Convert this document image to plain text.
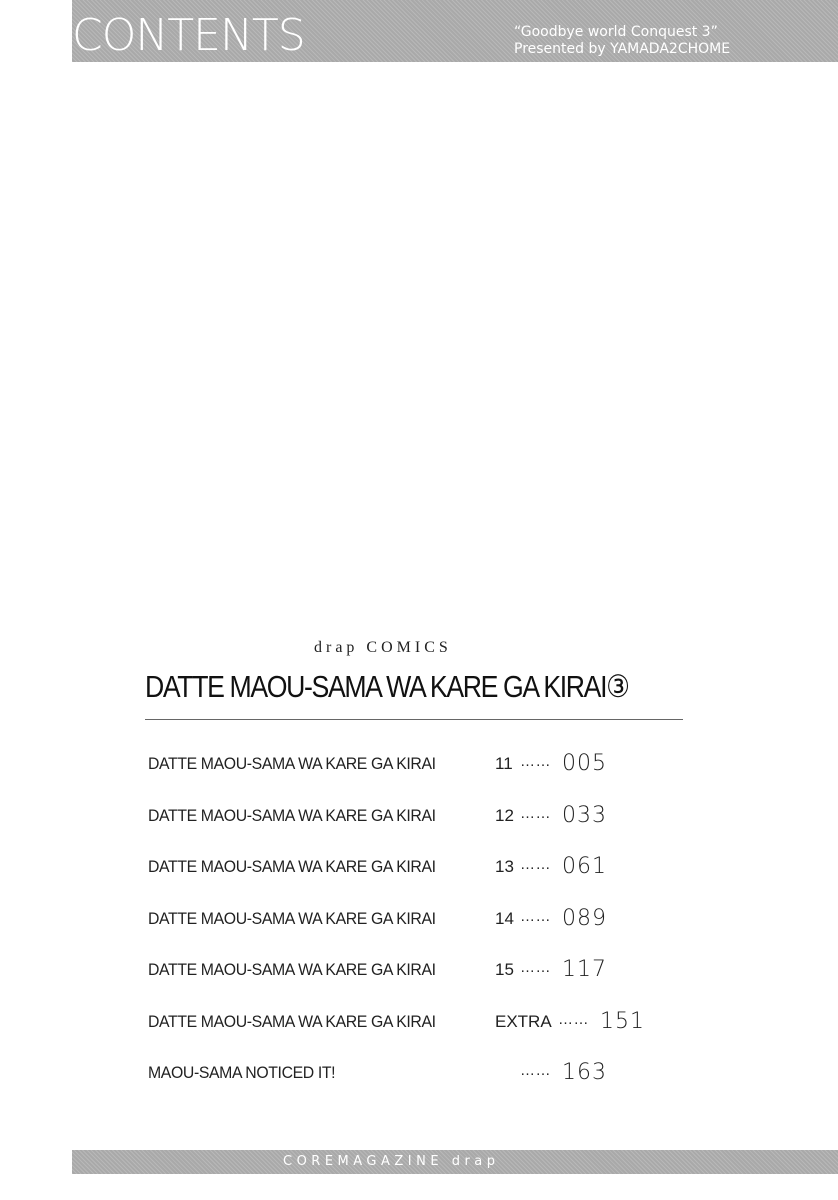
CONTENTS	“Goodbye world Conquest 3”
Presented by YAMADA2CHOME
drap COMICS
DATTE MAOU-SAMA WA KARE GA KIRAI③
DATTE MAOU-SAMA WA KARE GA KIRAI	11 …… 005
DATTE MAOU-SAMA WA KARE GA KIRAI	12 …… 033
DATTE MAOU-SAMA WA KARE GA KIRAI	13 …… 061
DATTE MAOU-SAMA WA KARE GA KIRAI	14 …… 089
DATTE MAOU-SAMA WA KARE GA KIRAI	15 …… 117
DATTE MAOU-SAMA WA KARE GA KIRAI	EXTRA …… 151
MAOU-SAMA NOTICED IT!	…… 163
COREMAGAZINE drap
